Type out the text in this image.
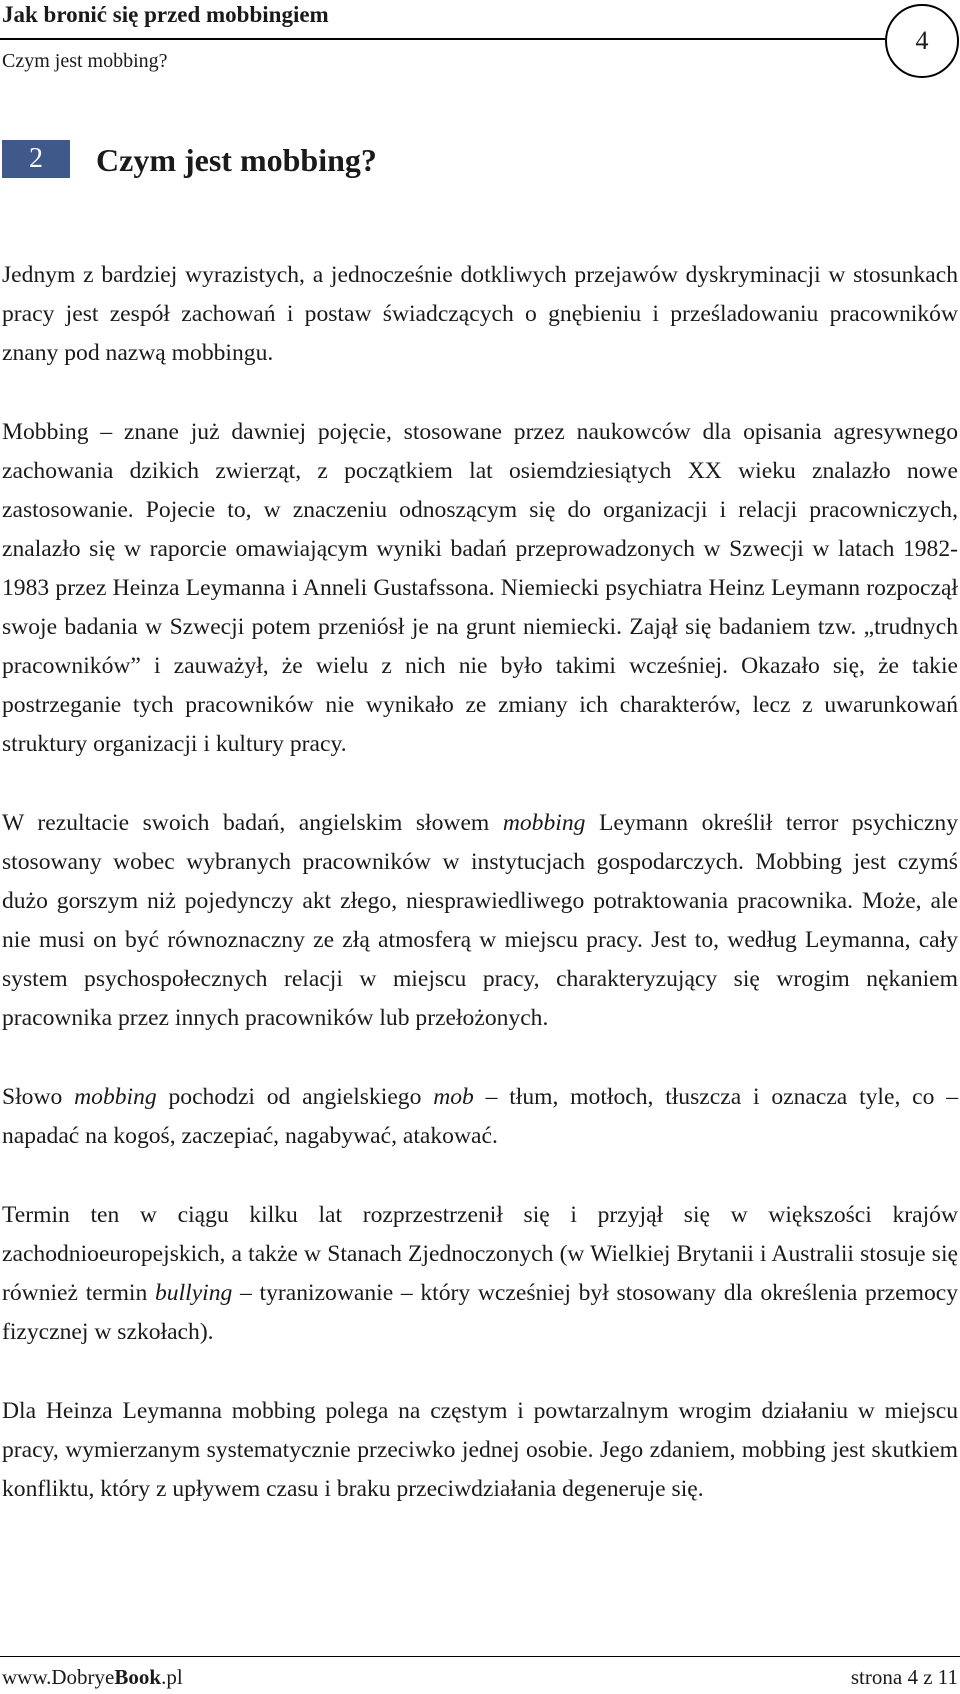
Jak bronić się przed mobbingiem
Czym jest mobbing?
4
2 Czym jest mobbing?

Jednym z bardziej wyrazistych, a jednocześnie dotkliwych przejawów dyskryminacji w stosunkach pracy jest zespół zachowań i postaw świadczących o gnębieniu i prześladowaniu pracowników znany pod nazwą mobbingu.

Mobbing – znane już dawniej pojęcie, stosowane przez naukowców dla opisania agresywnego zachowania dzikich zwierząt, z początkiem lat osiemdziesiątych XX wieku znalazło nowe zastosowanie. Pojecie to, w znaczeniu odnoszącym się do organizacji i relacji pracowniczych, znalazło się w raporcie omawiającym wyniki badań przeprowadzonych w Szwecji w latach 1982-1983 przez Heinza Leymanna i Anneli Gustafssona. Niemiecki psychiatra Heinz Leymann rozpoczął swoje badania w Szwecji potem przeniósł je na grunt niemiecki. Zajął się badaniem tzw. „trudnych pracowników” i zauważył, że wielu z nich nie było takimi wcześniej. Okazało się, że takie postrzeganie tych pracowników nie wynikało ze zmiany ich charakterów, lecz z uwarunkowań struktury organizacji i kultury pracy.

W rezultacie swoich badań, angielskim słowem mobbing Leymann określił terror psychiczny stosowany wobec wybranych pracowników w instytucjach gospodarczych. Mobbing jest czymś dużo gorszym niż pojedynczy akt złego, niesprawiedliwego potraktowania pracownika. Może, ale nie musi on być równoznaczny ze złą atmosferą w miejscu pracy. Jest to, według Leymanna, cały system psychospołecznych relacji w miejscu pracy, charakteryzujący się wrogim nękaniem pracownika przez innych pracowników lub przełożonych.

Słowo mobbing pochodzi od angielskiego mob – tłum, motłoch, tłuszcza i oznacza tyle, co – napadać na kogoś, zaczepiać, nagabywać, atakować.

Termin ten w ciągu kilku lat rozprzestrzenił się i przyjął się w większości krajów zachodnioeuropejskich, a także w Stanach Zjednoczonych (w Wielkiej Brytanii i Australii stosuje się również termin bullying – tyranizowanie – który wcześniej był stosowany dla określenia przemocy fizycznej w szkołach).

Dla Heinza Leymanna mobbing polega na częstym i powtarzalnym wrogim działaniu w miejscu pracy, wymierzanym systematycznie przeciwko jednej osobie. Jego zdaniem, mobbing jest skutkiem konfliktu, który z upływem czasu i braku przeciwdziałania degeneruje się.

www.DobryeBook.pl	strona 4 z 11
